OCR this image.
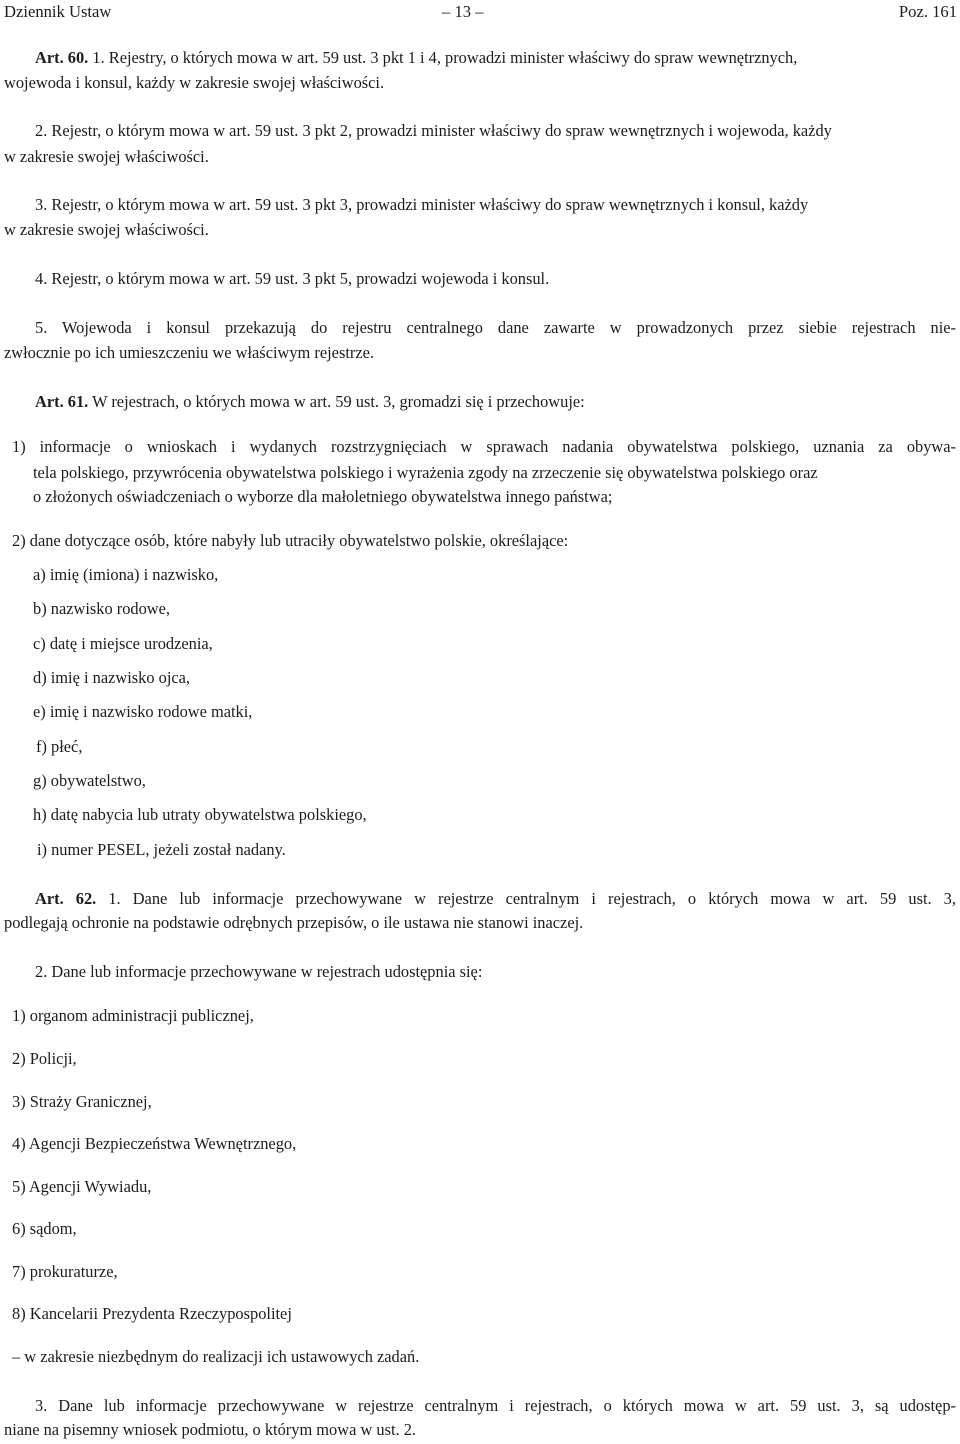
Dziennik Ustaw	– 13 –	Poz. 161
Art. 60. 1. Rejestry, o których mowa w art. 59 ust. 3 pkt 1 i 4, prowadzi minister właściwy do spraw wewnętrznych,
wojewoda i konsul, każdy w zakresie swojej właściwości.
2. Rejestr, o którym mowa w art. 59 ust. 3 pkt 2, prowadzi minister właściwy do spraw wewnętrznych i wojewoda, każdy
w zakresie swojej właściwości.
3. Rejestr, o którym mowa w art. 59 ust. 3 pkt 3, prowadzi minister właściwy do spraw wewnętrznych i konsul, każdy
w zakresie swojej właściwości.
4. Rejestr, o którym mowa w art. 59 ust. 3 pkt 5, prowadzi wojewoda i konsul.
5. Wojewoda i konsul przekazują do rejestru centralnego dane zawarte w prowadzonych przez siebie rejestrach nie-
zwłocznie po ich umieszczeniu we właściwym rejestrze.
Art. 61. W rejestrach, o których mowa w art. 59 ust. 3, gromadzi się i przechowuje:
1) informacje o wnioskach i wydanych rozstrzygnięciach w sprawach nadania obywatelstwa polskiego, uznania za obywa-
tela polskiego, przywrócenia obywatelstwa polskiego i wyrażenia zgody na zrzeczenie się obywatelstwa polskiego oraz
o złożonych oświadczeniach o wyborze dla małoletniego obywatelstwa innego państwa;
2) dane dotyczące osób, które nabyły lub utraciły obywatelstwo polskie, określające:
a) imię (imiona) i nazwisko,
b) nazwisko rodowe,
c) datę i miejsce urodzenia,
d) imię i nazwisko ojca,
e) imię i nazwisko rodowe matki,
f) płeć,
g) obywatelstwo,
h) datę nabycia lub utraty obywatelstwa polskiego,
i) numer PESEL, jeżeli został nadany.
Art. 62. 1. Dane lub informacje przechowywane w rejestrze centralnym i rejestrach, o których mowa w art. 59 ust. 3,
podlegają ochronie na podstawie odrębnych przepisów, o ile ustawa nie stanowi inaczej.
2. Dane lub informacje przechowywane w rejestrach udostępnia się:
1) organom administracji publicznej,
2) Policji,
3) Straży Granicznej,
4) Agencji Bezpieczeństwa Wewnętrznego,
5) Agencji Wywiadu,
6) sądom,
7) prokuraturze,
8) Kancelarii Prezydenta Rzeczypospolitej
– w zakresie niezbędnym do realizacji ich ustawowych zadań.
3. Dane lub informacje przechowywane w rejestrze centralnym i rejestrach, o których mowa w art. 59 ust. 3, są udostęp-
niane na pisemny wniosek podmiotu, o którym mowa w ust. 2.
